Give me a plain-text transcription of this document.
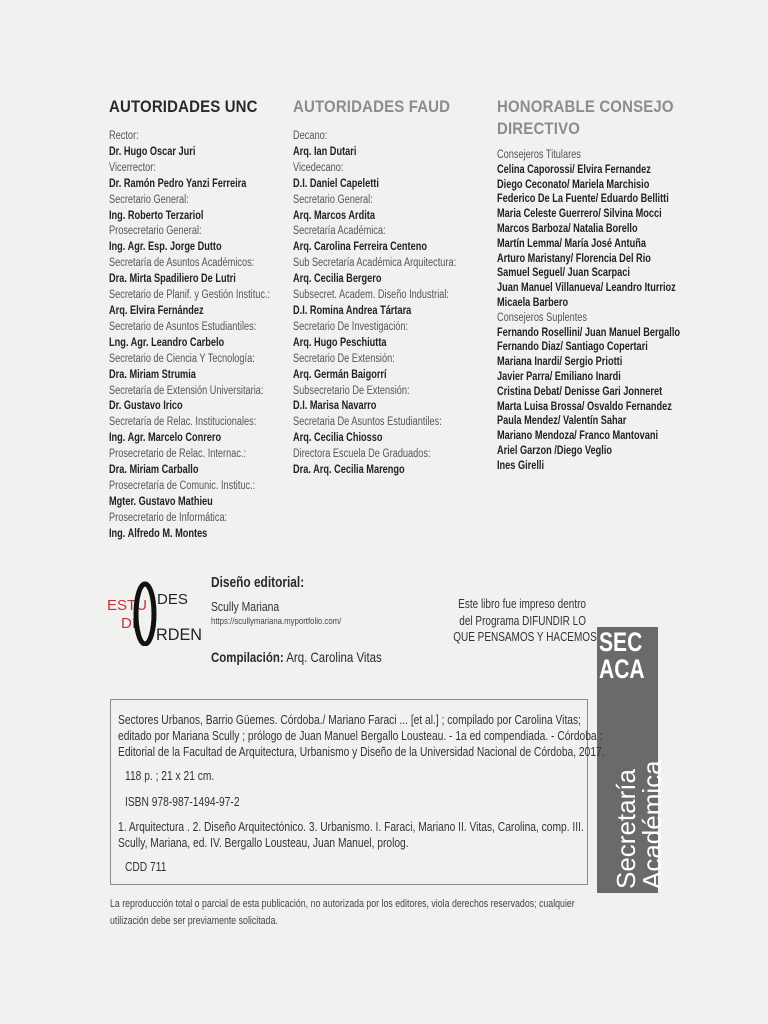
AUTORIDADES UNC
Rector:
Dr. Hugo Oscar Juri
Vicerrector:
Dr. Ramón Pedro Yanzi Ferreira
Secretario General:
Ing. Roberto Terzariol
Prosecretario General:
Ing. Agr. Esp. Jorge Dutto
Secretaría de Asuntos Académicos:
Dra. Mirta Spadiliero De Lutri
Secretario de Planif. y Gestión Instituc.:
Arq. Elvira Fernández
Secretario de Asuntos Estudiantiles:
Lng. Agr. Leandro Carbelo
Secretario de Ciencia Y Tecnología:
Dra. Miriam Strumia
Secretaría de Extensión Universitaria:
Dr. Gustavo Irico
Secretaría de Relac. Institucionales:
Ing. Agr. Marcelo Conrero
Prosecretario de Relac. Internac.:
Dra. Miriam Carballo
Prosecretaría de Comunic. Instituc.:
Mgter. Gustavo Mathieu
Prosecretario de Informática:
Ing. Alfredo M. Montes
AUTORIDADES FAUD
Decano:
Arq. Ian Dutari
Vicedecano:
D.I. Daniel Capeletti
Secretario General:
Arq. Marcos Ardita
Secretaría Académica:
Arq. Carolina Ferreira Centeno
Sub Secretaría Académica Arquitectura:
Arq. Cecilia Bergero
Subsecret. Academ. Diseño Industrial:
D.I. Romina Andrea Tártara
Secretario De Investigación:
Arq. Hugo Peschiutta
Secretario De Extensión:
Arq. Germán Baigorrí
Subsecretario De Extensión:
D.I. Marisa Navarro
Secretaria De Asuntos Estudiantiles:
Arq. Cecilia Chiosso
Directora Escuela De Graduados:
Dra. Arq. Cecilia Marengo
HONORABLE CONSEJO
DIRECTIVO
Consejeros Titulares
Celina Caporossi/ Elvira Fernandez
Diego Ceconato/ Mariela Marchisio
Federico De La Fuente/ Eduardo Bellitti
Maria Celeste Guerrero/ Silvina Mocci
Marcos Barboza/ Natalia Borello
Martín Lemma/ María José Antuña
Arturo Maristany/ Florencia Del Rio
Samuel Seguel/ Juan Scarpaci
Juan Manuel Villanueva/ Leandro Iturrioz
Micaela Barbero
Consejeros Suplentes
Fernando Rosellini/ Juan Manuel Bergallo
Fernando Diaz/ Santiago Copertari
Mariana Inardi/ Sergio Priotti
Javier Parra/ Emiliano Inardi
Cristina Debat/ Denisse Gari Jonneret
Marta Luisa Brossa/ Osvaldo Fernandez
Paula Mendez/ Valentín Sahar
Mariano Mendoza/ Franco Mantovani
Ariel Garzon /Diego Veglio
Ines Girelli
ESTU
DI
DES
RDEN
Diseño editorial:
Scully Mariana
https://scullymariana.myportfolio.com/
Compilación: Arq. Carolina Vitas
Este libro fue impreso dentro
del Programa DIFUNDIR LO
QUE PENSAMOS Y HACEMOS SEC
ACA
Secretaría
Académica
Sectores Urbanos, Barrio Güemes. Córdoba./ Mariano Faraci ... [et al.] ; compilado por Carolina Vitas;
editado por Mariana Scully ; prólogo de Juan Manuel Bergallo Lousteau. - 1a ed compendiada. - Córdoba :
Editorial de la Facultad de Arquitectura, Urbanismo y Diseño de la Universidad Nacional de Córdoba, 2017.
118 p. ; 21 x 21 cm.
ISBN 978-987-1494-97-2
1. Arquitectura . 2. Diseño Arquitectónico. 3. Urbanismo. I. Faraci, Mariano II. Vitas, Carolina, comp. III.
Scully, Mariana, ed. IV. Bergallo Lousteau, Juan Manuel, prolog.
CDD 711
La reproducción total o parcial de esta publicación, no autorizada por los editores, viola derechos reservados; cualquier
utilización debe ser previamente solicitada.
